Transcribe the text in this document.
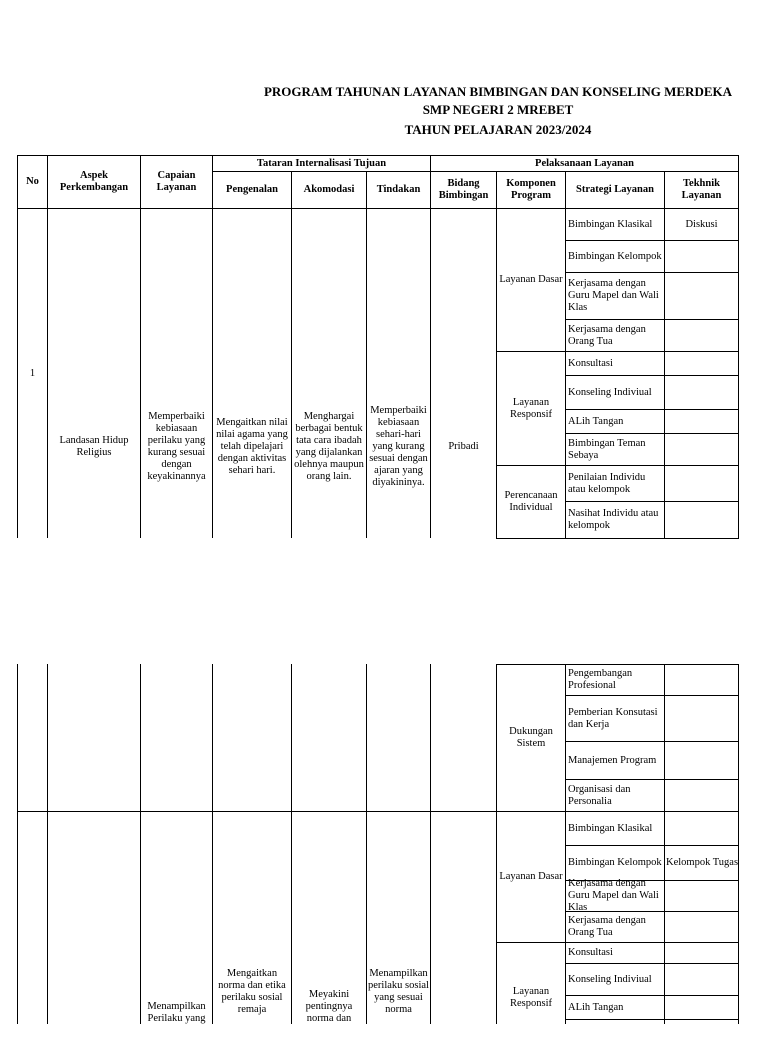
PROGRAM TAHUNAN LAYANAN BIMBINGAN DAN KONSELING MERDEKA
SMP NEGERI 2 MREBET
TAHUN PELAJARAN 2023/2024
No
Aspek Perkembangan
Capaian Layanan
Tataran Internalisasi Tujuan
Pengenalan	Akomodasi	Tindakan
Pelaksanaan Layanan
Bidang Bimbingan
Komponen Program
Strategi Layanan
Tekhnik Layanan
1
Landasan Hidup Religius
Memperbaiki kebiasaan perilaku yang kurang sesuai dengan keyakinannya
Mengaitkan nilai nilai agama yang telah dipelajari dengan aktivitas sehari hari.
Menghargai berbagai bentuk tata cara ibadah yang dijalankan olehnya maupun orang lain.
Memperbaiki kebiasaan sehari-hari yang kurang sesuai dengan ajaran yang diyakininya.
Pribadi
Layanan Dasar
Layanan Responsif
Perencanaan Individual
Bimbingan Klasikal
Bimbingan Kelompok
Kerjasama dengan Guru Mapel dan Wali Klas
Kerjasama dengan Orang Tua
Konsultasi
Konseling Indiviual
ALih Tangan
Bimbingan Teman Sebaya
Penilaian Individu atau kelompok
Nasihat Individu atau kelompok
Diskusi
Dukungan Sistem
Pengembangan Profesional
Pemberian Konsutasi dan Kerja
Manajemen Program
Organisasi dan Personalia
Menampilkan Perilaku yang
Mengaitkan norma dan etika perilaku sosial remaja
Meyakini pentingnya norma dan
Menampilkan perilaku sosial yang sesuai norma
Layanan Dasar
Layanan Responsif
Bimbingan Klasikal
Bimbingan Kelompok
Kerjasama dengan Guru Mapel dan Wali Klas
Kerjasama dengan Orang Tua
Konsultasi
Konseling Indiviual
ALih Tangan
Kelompok Tugas
